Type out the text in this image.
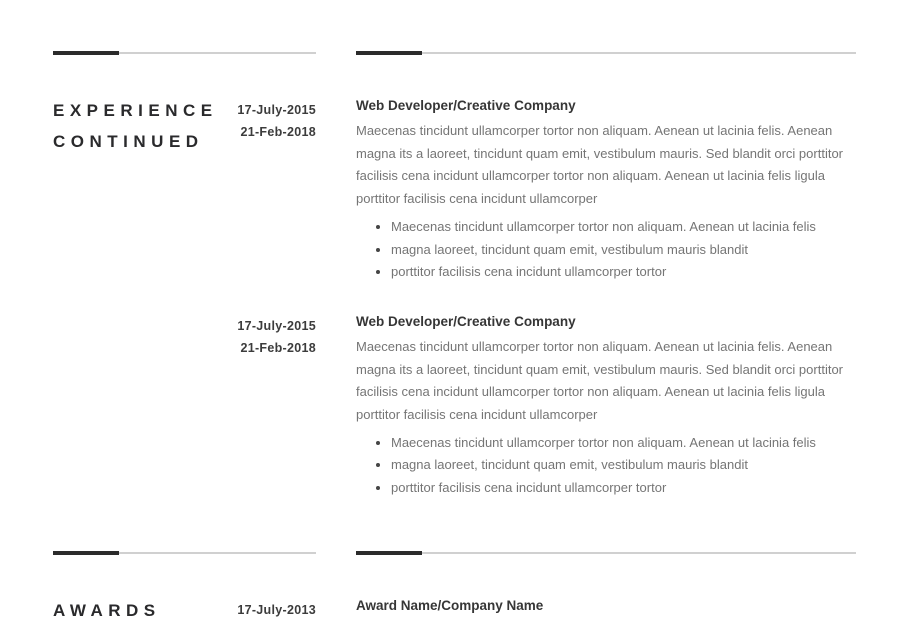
EXPERIENCE
CONTINUED
17-July-2015
21-Feb-2018
Web Developer/Creative Company

Maecenas tincidunt ullamcorper tortor non aliquam. Aenean ut lacinia felis. Aenean magna its a laoreet, tincidunt quam emit, vestibulum mauris. Sed blandit orci porttitor facilisis cena incidunt ullamcorper tortor non aliquam. Aenean ut lacinia felis ligula porttitor facilisis cena incidunt ullamcorper

• Maecenas tincidunt ullamcorper tortor non aliquam. Aenean ut lacinia felis
• magna laoreet, tincidunt quam emit, vestibulum mauris blandit
• porttitor facilisis cena incidunt ullamcorper tortor
17-July-2015
21-Feb-2018
Web Developer/Creative Company

Maecenas tincidunt ullamcorper tortor non aliquam. Aenean ut lacinia felis. Aenean magna its a laoreet, tincidunt quam emit, vestibulum mauris. Sed blandit orci porttitor facilisis cena incidunt ullamcorper tortor non aliquam. Aenean ut lacinia felis ligula porttitor facilisis cena incidunt ullamcorper

• Maecenas tincidunt ullamcorper tortor non aliquam. Aenean ut lacinia felis
• magna laoreet, tincidunt quam emit, vestibulum mauris blandit
• porttitor facilisis cena incidunt ullamcorper tortor
AWARDS	17-July-2013	Award Name/Company Name
